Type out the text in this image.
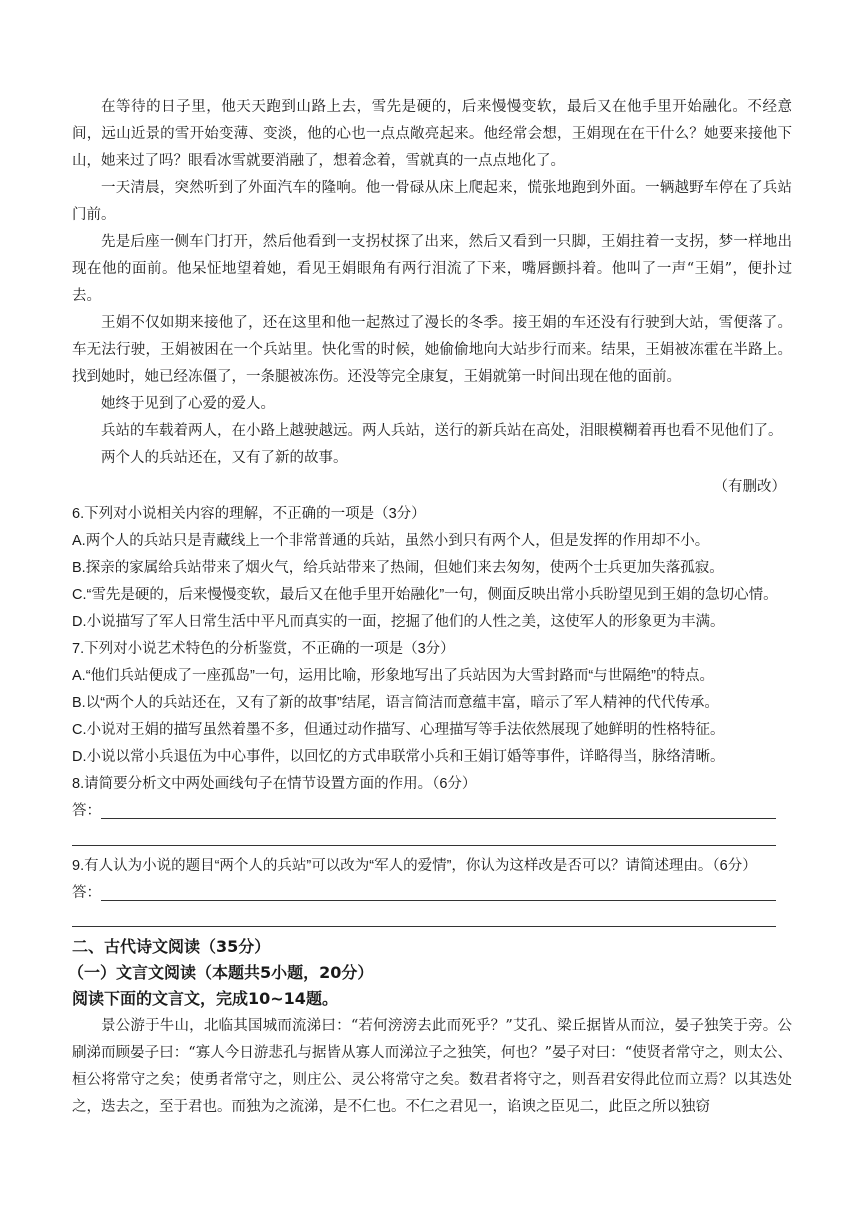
在等待的日子里，他天天跑到山路上去，雪先是硬的，后来慢慢变软，最后又在他手里开始融化。不经意间，远山近景的雪开始变薄、变淡，他的心也一点点敞亮起来。他经常会想，王娟现在在干什么？她要来接他下山，她来过了吗？眼看冰雪就要消融了，想着念着，雪就真的一点点地化了。
一天清晨，突然听到了外面汽车的隆响。他一骨碌从床上爬起来，慌张地跑到外面。一辆越野车停在了兵站门前。
先是后座一侧车门打开，然后他看到一支拐杖探了出来，然后又看到一只脚，王娟拄着一支拐，梦一样地出现在他的面前。他呆怔地望着她，看见王娟眼角有两行泪流了下来，嘴唇颤抖着。他叫了一声“王娟”，便扑过去。
王娟不仅如期来接他了，还在这里和他一起熬过了漫长的冬季。接王娟的车还没有行驶到大站，雪便落了。车无法行驶，王娟被困在一个兵站里。快化雪的时候，她偷偷地向大站步行而来。结果，王娟被冻霍在半路上。找到她时，她已经冻僵了，一条腿被冻伤。还没等完全康复，王娟就第一时间出现在他的面前。
她终于见到了心爱的爱人。
兵站的车载着两人，在小路上越驶越远。两人兵站，送行的新兵站在高处，泪眼模糊着再也看不见他们了。
两个人的兵站还在，又有了新的故事。
（有删改）
6.下列对小说相关内容的理解，不正确的一项是（3分）
A.两个人的兵站只是青藏线上一个非常普通的兵站，虽然小到只有两个人，但是发挥的作用却不小。
B.探亲的家属给兵站带来了烟火气，给兵站带来了热闹，但她们来去匆匆，使两个士兵更加失落孤寂。
C.“雪先是硬的，后来慢慢变软，最后又在他手里开始融化”一句，侧面反映出常小兵盼望见到王娟的急切心情。
D.小说描写了军人日常生活中平凡而真实的一面，挖掘了他们的人性之美，这使军人的形象更为丰满。
7.下列对小说艺术特色的分析鉴赏，不正确的一项是（3分）
A.“他们兵站便成了一座孤岛”一句，运用比喻，形象地写出了兵站因为大雪封路而“与世隔绝”的特点。
B.以“两个人的兵站还在，又有了新的故事”结尾，语言简洁而意蕴丰富，暗示了军人精神的代代传承。
C.小说对王娟的描写虽然着墨不多，但通过动作描写、心理描写等手法依然展现了她鲜明的性格特征。
D.小说以常小兵退伍为中心事件，以回忆的方式串联常小兵和王娟订婚等事件，详略得当，脉络清晰。
8.请简要分析文中两处画线句子在情节设置方面的作用。（6分）
答：
9.有人认为小说的题目“两个人的兵站”可以改为“军人的爱情”，你认为这样改是否可以？请简述理由。（6分）
答：
二、古代诗文阅读（35分）
（一）文言文阅读（本题共5小题，20分）
阅读下面的文言文，完成10~14题。
景公游于牛山，北临其国城而流涕曰：“若何滂滂去此而死乎？”艾孔、梁丘据皆从而泣，晏子独笑于旁。公刷涕而顾晏子曰：“寡人今日游悲孔与据皆从寡人而涕泣子之独笑，何也？”晏子对曰：“使贤者常守之，则太公、桓公将常守之矣；使勇者常守之，则庄公、灵公将常守之矣。数君者将守之，则吾君安得此位而立焉？以其迭处之，迭去之，至于君也。而独为之流涕，是不仁也。不仁之君见一，谄谀之臣见二，此臣之所以独窃
